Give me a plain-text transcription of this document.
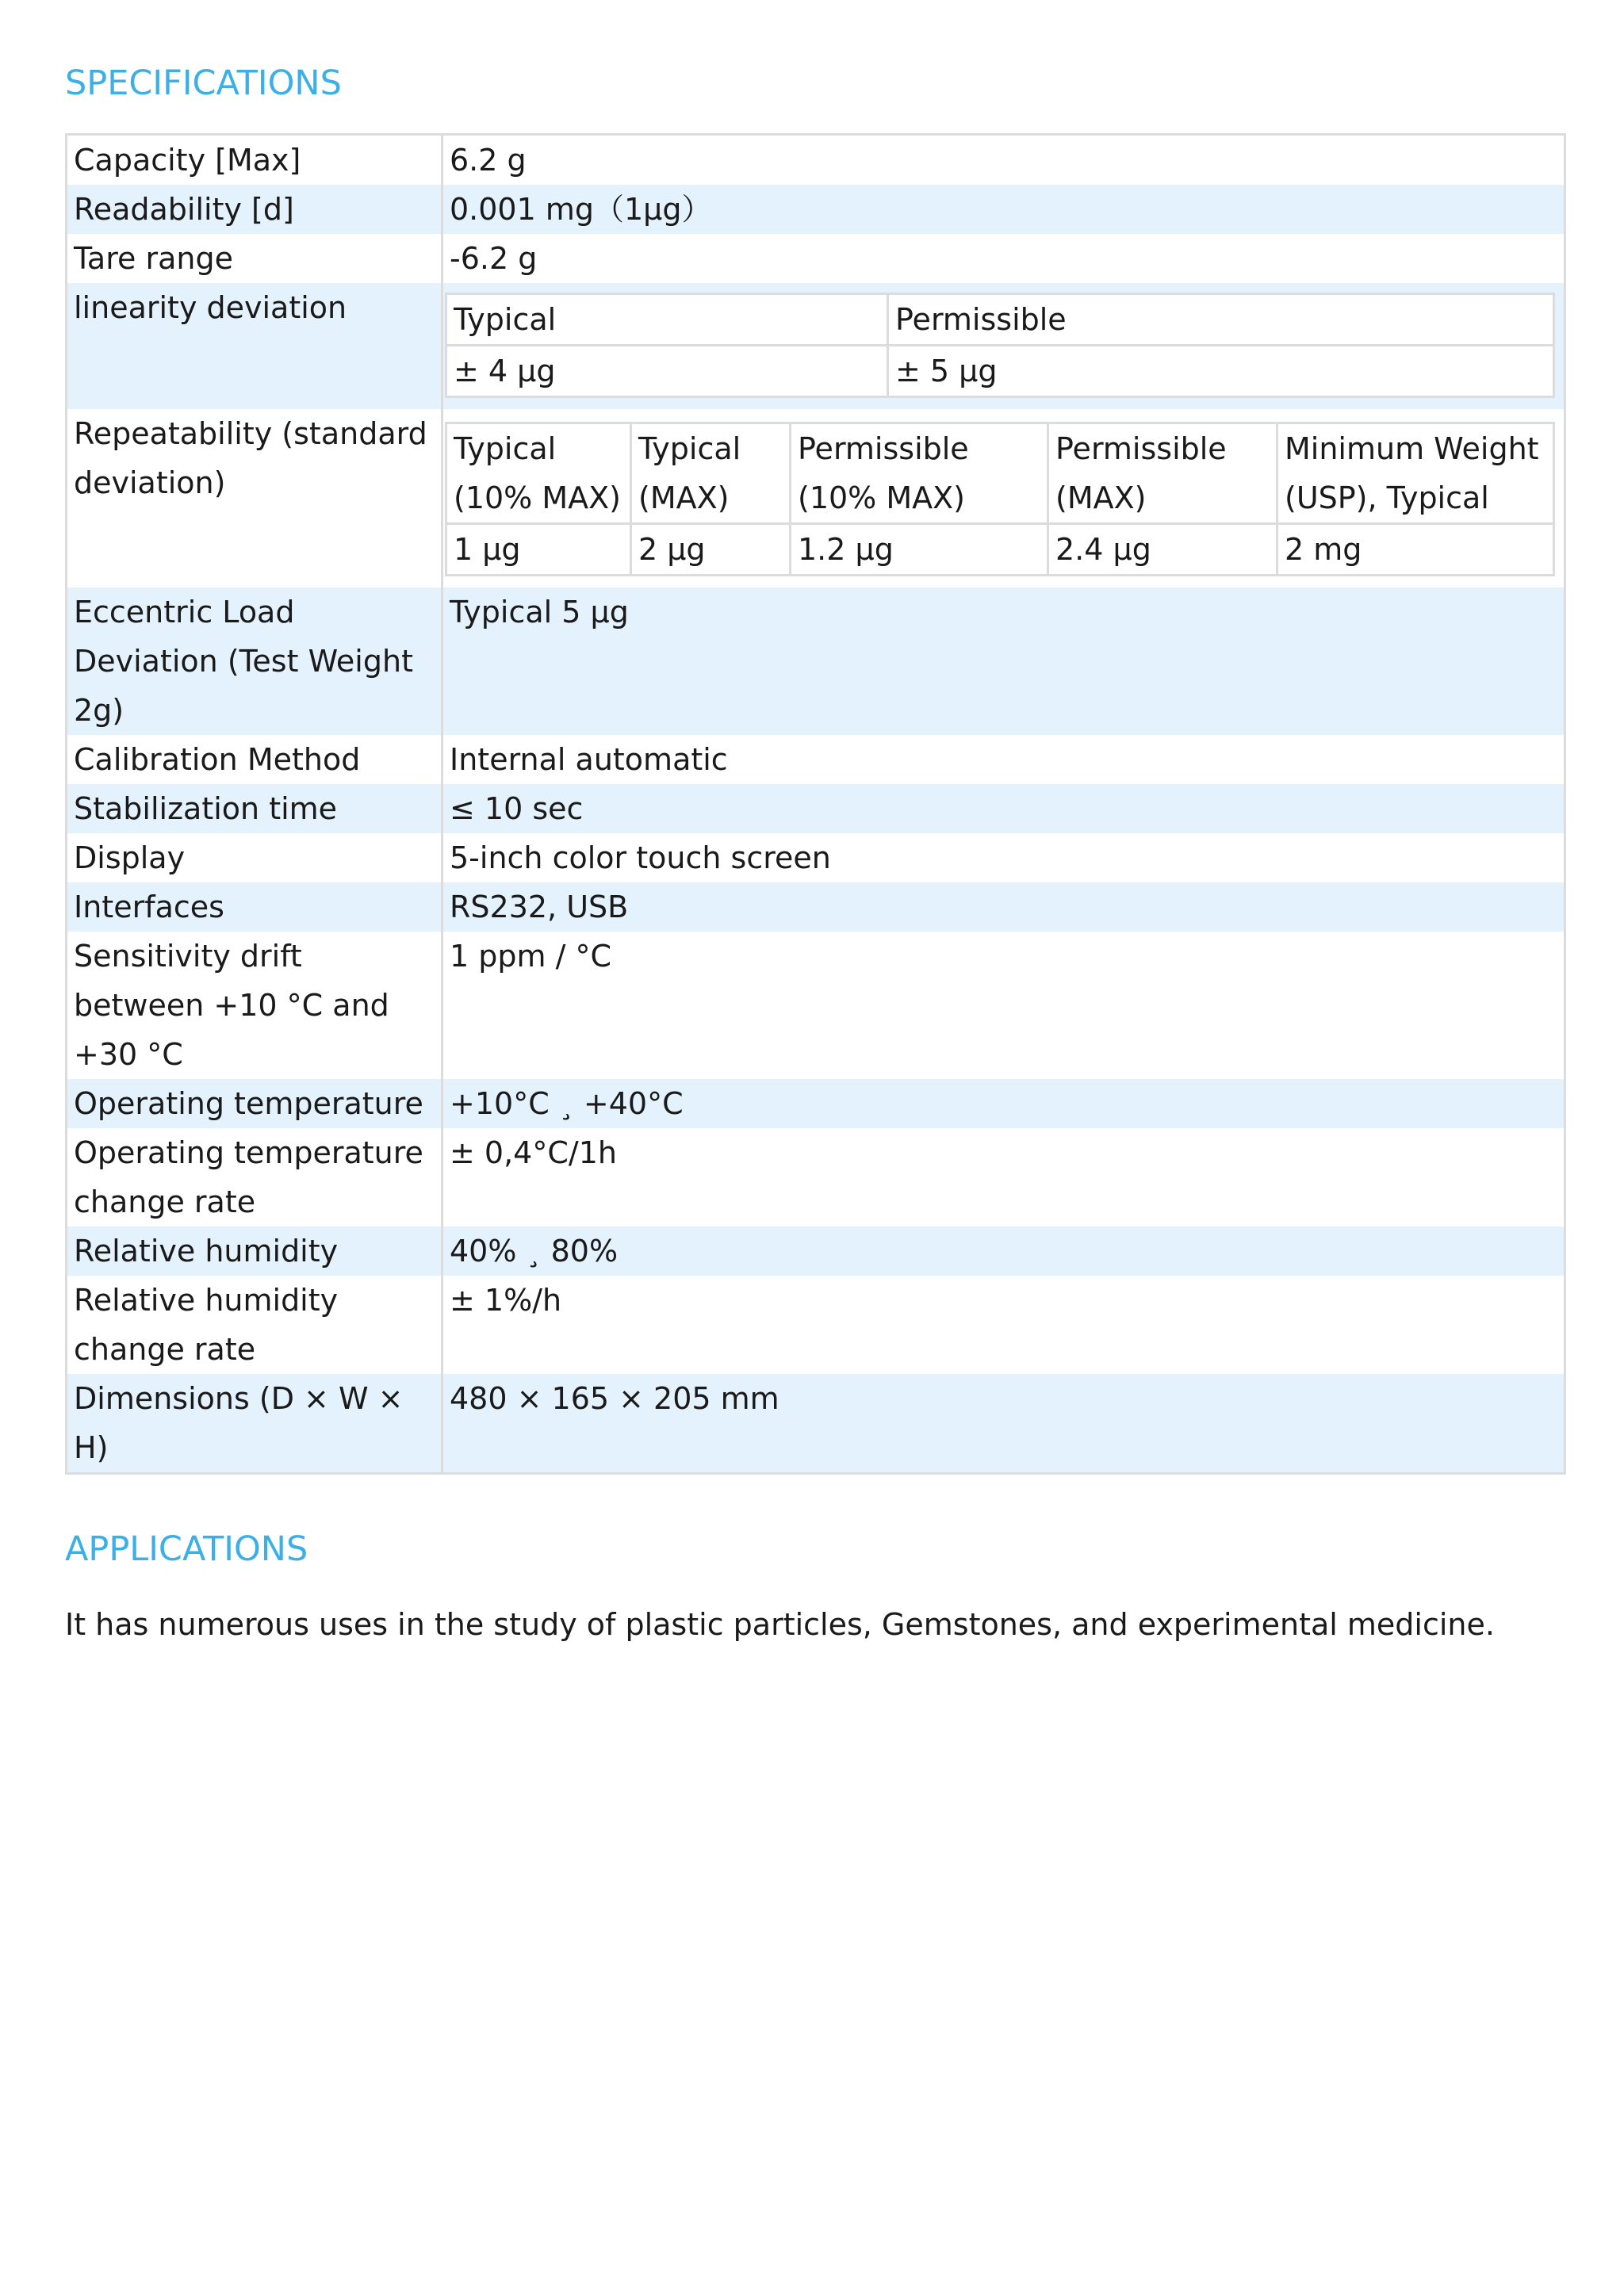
SPECIFICATIONS
Capacity [Max]	6.2 g
Readability [d]	0.001 mg（1µg）
Tare range	-6.2 g
linearity deviation		Typical	Permissible
± 4 µg	± 5 µg

Repeatability (standard deviation)	
Typical (10% MAX)	Typical (MAX)	Permissible (10% MAX)	Permissible (MAX)	Minimum Weight (USP), Typical
1 µg	2 µg	1.2 µg	2.4 µg	2 mg

Eccentric Load Deviation (Test Weight 2g)	Typical 5 µg
Calibration Method	Internal automatic
Stabilization time	≤ 10 sec
Display	5-inch color touch screen
Interfaces	RS232, USB
Sensitivity drift between +10 °C and +30 °C	1 ppm / °C
Operating temperature	+10°C ¸ +40°C
Operating temperature change rate	± 0,4°C/1h
Relative humidity	40% ¸ 80%
Relative humidity change rate	± 1%/h
Dimensions (D × W × H)	480 × 165 × 205 mm
APPLICATIONS

It has numerous uses in the study of plastic particles, Gemstones, and experimental medicine.
